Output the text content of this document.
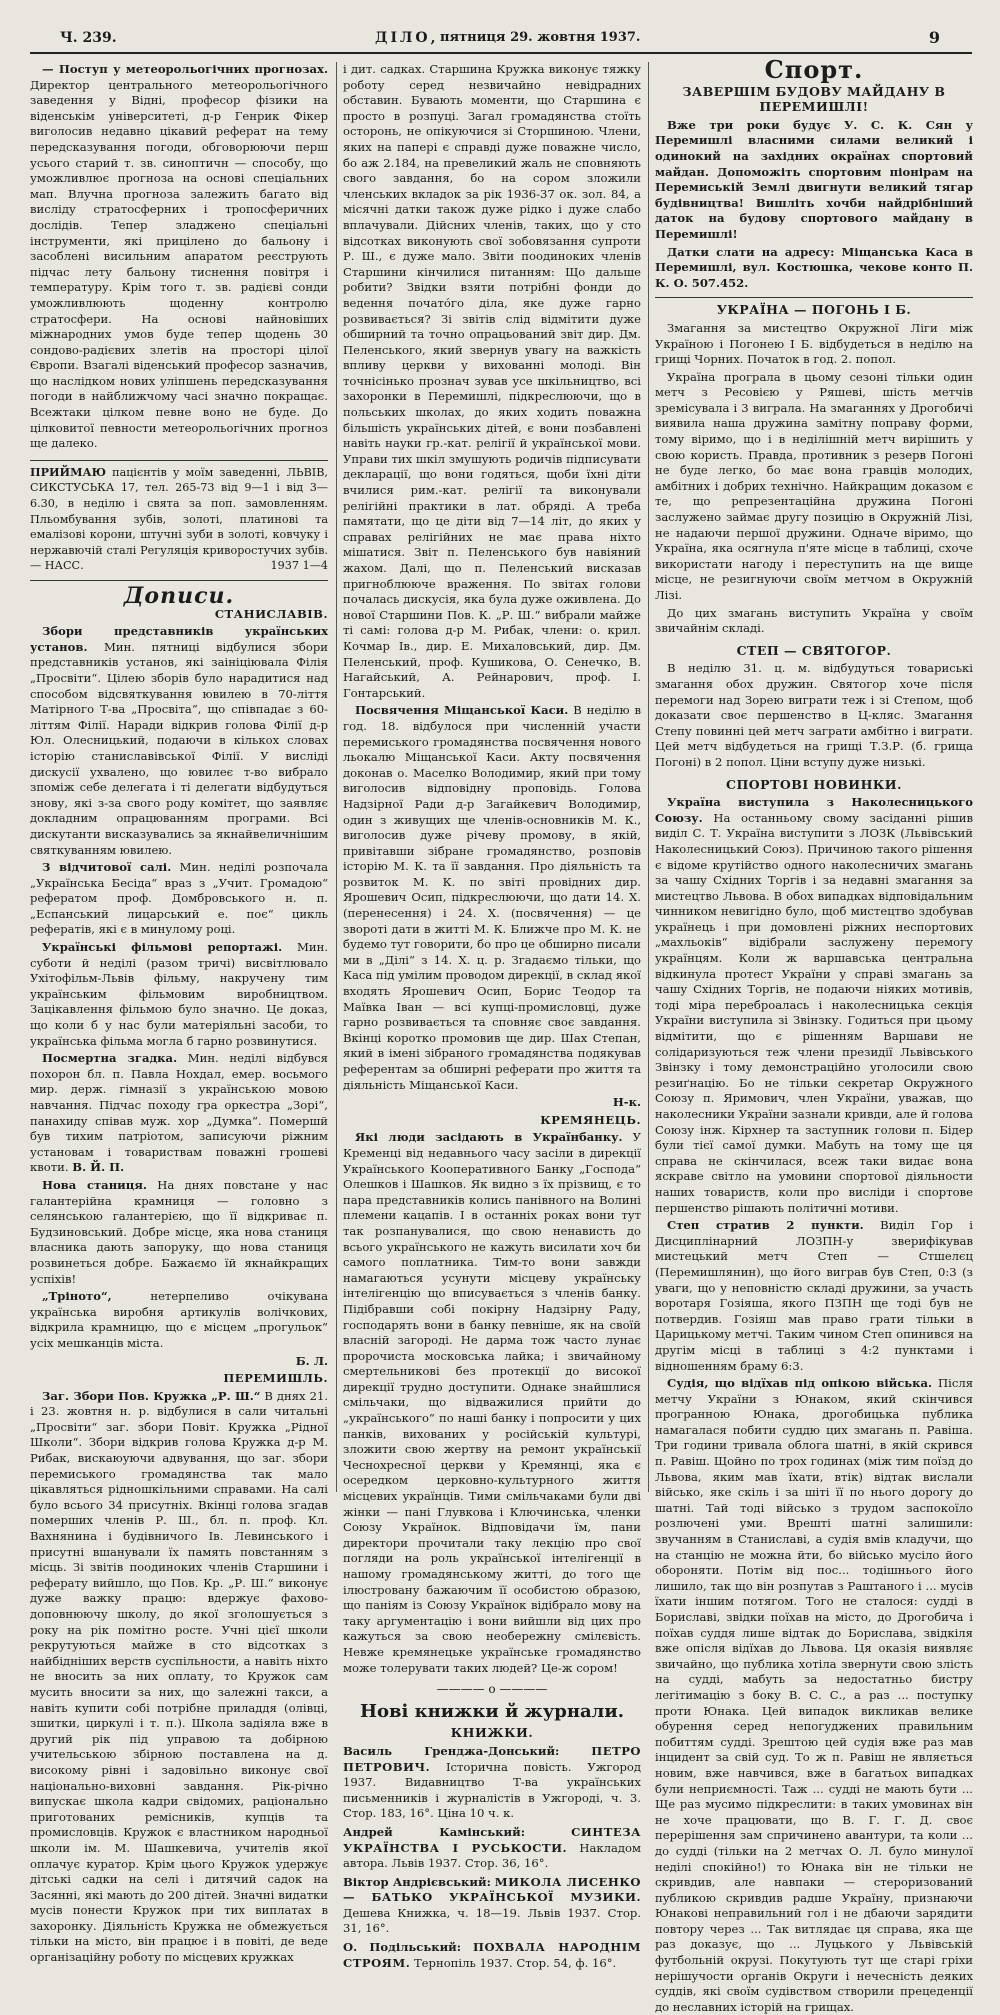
Ч. 239.	ДІЛО, пятниця 29. жовтня 1937.	9

— Поступ у метеорольогічних прогнозах. Директор центрального метеорольогічного заведення у Відні, професор фізики на віденськім університеті, д-р Генрик Фікер виголосив недавно цікавий реферат на тему передсказування погоди, обговорюючи перш усього старий т. зв. синоптичн — способу, що уможливлює прогноза на основі спеціальних мап. Влучна прогноза залежить багато від висліду стратосферних і тропосферичних дослідів. Тепер зладжено спеціальні інструменти, які прицілено до бальону і засоблені висильним апаратом реєструють підчас лету бальону тиснення повітря і температуру. Крім того т. зв. радієві сонди уможливлюють щоденну контролю стратосфери. На основі найновіших міжнародних умов буде тепер щодень 30 сондово-радієвих злетів на просторі цілої Європи. Взагалі віденський професор зазначив, що наслідком нових уліпшень передсказування погоди в найближчому часі значно покращає. Всежтаки цілком певне воно не буде. До цілковитої певности метеорольогічних прогноз ще далеко.

ПРИЙМАЮ пацієнтів у моїм заведенні, ЛЬВІВ, СИКСТУСЬКА 17, тел. 265-73 від 9—1 і від 3—6.30, в неділю і свята за поп. замовленням. Пльомбування зубів, золоті, платинові та емалізові корони, штучні зуби в золоті, ковчуку і нержавючій сталі Регуляція криворостучих зубів. — НАСС.	1937 1—4

Дописи.
СТАНИСЛАВІВ.

Збори представників українських установ. Мин. пятниці відбулися збори представників установ, які заініціювала Філія „Просвіти“. Цілею зборів було нарадитися над способом відсвяткування ювилею в 70-ліття Матірного Т-ва „Просвіта“, що співпадає з 60-літтям Філії. Наради відкрив голова Філії д-р Юл. Олесницький, подаючи в кількох словах історію станиславівської Філії. У висліді дискусії ухвалено, що ювилеє т-во вибрало зпоміж себе делегата і ті делегати відбудуться знову, які з-за свого роду комітет, що заявляє докладним опрацюванням програми. Всі дискутанти висказувались за якнайвеличнішим святкуванням ювилею.

З відчитової салі. Мин. неділі розпочала „Українська Бесіда“ враз з „Учит. Громадою“ рефератом проф. Домбровського н. п. „Еспанський лицарський е. поє“ цикль рефератів, які є в минулому році.

Українські фільмові репортажі. Мин. суботи й неділі (разом тричі) висвітлювало Ухітофільм-Львів фільму, накручену тим українським фільмовим виробництвом. Зацікавлення фільмою було значно. Це доказ, що коли б у нас були матеріяльні засоби, то українська фільма могла б гарно розвинутися.

Посмертна згадка. Мин. неділі відбувся похорон бл. п. Павла Нохдал, емер. восьмого мир. держ. гімназії з українською мовою навчання. Підчас походу гра оркестра „Зорі“, панахиду співав муж. хор „Думка“. Помершй був тихим патріотом, записуючи ріжним установам і товариствам поважні грошеві квоти. В. Й. П.

Нова станиця. На днях повстане у нас галантерійна крамниця — головно з селянською галантерією, що її відкриває п. Будзиновський. Добре місце, яка нова станиця власника дають запоруку, що нова станиця розвинеться добре. Бажаємо їй якнайкращих успіхів!

„Тріното“,	нетерпеливо очікувана українська виробня артикулів волічкових, відкрила крамницю, що є місцем „прогульок“ усіх мешканців міста.

Б. Л.

ПЕРЕМИШЛЬ.

Заг. Збори Пов. Кружка „Р. Ш.“ В днях 21. і 23. жовтня н. р. відбулися в сали читальні „Просвіти“ заг. збори Повіт. Кружка „Рідної Школи“. Збори відкрив голова Кружка д-р М. Рибак, вискаюуючи адвування, що заг. збори перемиського громадянства так мало цікавляться рідношкільними справами. На салі було всього 34 присутніх. Вкінці голова згадав померших членів Р. Ш., бл. п. проф. Кл. Вахнянина і будівничого Ів. Левинського і присутні вшанували їх память повстанням з місць. Зі звітів поодиноких членів Старшини і реферату вийшло, що Пов. Кр. „Р. Ш.“ виконує дуже важку працю: вдержує фахово-доповнюючу школу, до якої зголошується з року на рік помітно росте. Учні цієї школи рекрутуються майже в сто відсотках з найбідніших верств суспільности, а навіть ніхто не вносить за них оплату, то Кружок сам мусить вносити за них, що залежні такси, а навіть купити собі потрібне приладдя (олівці, зшитки, циркулі і т. п.). Школа задіяла вже в другий рік під управою та добірною учительською збірною поставлена на д. високому рівні і задовільно виконує свої національно-виховні завдання. Рік-річно випускає школа кадри свідомих, раціонально приготованих ремісників, купців та промисловців. Кружок є властником народньої школи ім. М. Шашкевича, учителів якої оплачує куратор. Крім цього Кружок удержує дітські садки на селі і дитячий садок на Засянні, які мають до 200 дітей. Значні видатки мусів понести Кружок при тих виплатах в захоронку. Діяльність Кружка не обмежується тільки на місто, він працює і в повіті, де веде організаційну роботу по місцевих кружках

і дит. садках. Старшина Кружка виконує тяжку роботу серед незвичайно невідрадних обставин. Бувають моменти, що Старшина є просто в розпуці. Загал громадянства стоїть осторонь, не опікуючися зі Сторшиною. Члени, яких на папері є справді дуже поважне число, бо аж 2.184, на превеликий жаль не сповняють свого завдання, бо на сором зложили членських вкладок за рік 1936-37 ок. зол. 84, а місячні датки також дуже рідко і дуже слабо вплачували. Дійсних членів, таких, що у сто відсотках виконують свої зобовязання супроти Р. Ш., є дуже мало. Звіти поодиноких членів Старшини кінчилися питанням: Що дальше робити? Звідки взяти потрібні фонди до ведення почато́го діла, яке дуже гарно розвивається? Зі звітів слід відмітити дуже обширний та точно опрацьований звіт дир. Дм. Пеленського, який звернув увагу на важкість впливу церкви у вихованні молоді. Він точнісінько прознач зував усе шкільництво, всі захоронки в Перемишлі, підкреслюючи, що в польських школах, до яких ходить поважна більшість українських дітей, є вони позбавлені навіть науки гр.-кат. релігії й української мови. Управи тих шкіл змушують родичів підписувати декларації, що вони годяться, щоби їхні діти вчилися рим.-кат. релігії та виконували релігійні практики в лат. обряді. А треба памятати, що це діти від 7—14 літ, до яких у справах релігійних не має права ніхто мішатися. Звіт п. Пеленського був навіяний жахом. Далі, що п. Пеленський висказав пригноблююче враження. По звітах голови почалась дискусія, яка була дуже оживлена. До нової Старшини Пов. К. „Р. Ш.“ вибрали майже ті самі: голова д-р М. Рибак, члени: о. крил. Кочмар Ів., дир. Е. Михаловський, дир. Дм. Пеленський, проф. Кушикова, О. Сенечко, В. Нагайський, А. Рейнарович, проф. І. Гонтарський.

Посвячення Міщанської Каси. В неділю в год. 18. відбулося при численній участи перемиського громадянства посвячення нового льокалю Міщанської Каси. Акту посвячення доконав о. Маселко Володимир, який при тому виголосив відповідну проповідь. Голова Надзірної Ради д-р Загайкевич Володимир, один з живущих ще членів-основників М. К., виголосив дуже річеву промову, в якій, привітавши зібране громадянство, розповів історію М. К. та її завдання. Про діяльність та розвиток М. К. по звіті провідних дир. Ярошевич Осип, підкреслюючи, що дати 14. Х. (перенесення) і 24. Х. (посвячення) — це звороті дати в житті М. К. Ближче про М. К. не будемо тут говорити, бо про це обширно писали ми в „Ділі“ з 14. Х. ц. р. Згадаємо тільки, що Каса під умілим проводом дирекції, в склад якої входять Ярошевич Осип, Борис Теодор та Маївка Іван — всі купці-промисловці, дуже гарно розвивається та сповняє своє завдання. Вкінці коротко промовив ще дир. Шах Степан, який в імені зібраного громадянства подякував референтам за обширні реферати про життя та діяльність Міщанської Каси.

Н-к.

КРЕМЯНЕЦЬ.

Які люди засідають в Українбанку. У Кременці від недавнього часу засіли в дирекції Українського Кооперативного Банку „Господа“ Олешков і Шашков. Як видно з їх прізвищ, є то пара представників колись панівного на Волині племени кацапів. І в останніх роках вони тут так розпанувалися, що свою ненависть до всього українського не кажуть висилати хоч би самого поплатника. Тим-то вони завжди намагаються усунути місцеву українську інтелігенцію що вписувається з членів банку. Підібравши собі покірну Надзірну Раду, господарять вони в банку певніше, як на своїй власній загороді. Не дарма тож часто лунає пророчиста московська лайка; і звичайному смертельникові без протекції до високої дирекції трудно доступити. Однаке знайшлися смільчаки, що відважилися прийти до „українського“ по наші банку і попросити у цих панків, вихованих у російській культурі, зложити свою жертву на ремонт українськії Чеснохресної церкви у Кремянці, яка є осередком церковно-культурного життя місцевих українців. Тими смільчаками були дві жінки — пані Глувкова і Ключинська, членки Союзу Українок. Відповідачи їм, пани директори прочитали таку лекцію про свої погляди на роль української інтелігенції в нашому громадянському житті, до того ще ілюстровану бажаючим її особистою образою, що паніям із Союзу Українок відібрало мову на таку аргументацію і вони вийшли від цих про кажуться за свою необережну смілєвість. Невже кремянецьке українське громадянство може толерувати таких людей? Це-ж сором!

———— o ————
Нові книжки й журнали.
КНИЖКИ.

Василь Гренджа-Донський:	ПЕТРО ПЕТРОВИЧ. Історична повість. Ужгород 1937. Видавництво Т-ва українських письменників і журналістів в Ужгороді, ч. 3. Стор. 183, 16°. Ціна 10 ч. к.

Андрей Камінський:	СИНТЕЗА УКРАЇНСТВА І РУСЬКОСТИ. Накладом автора. Львів 1937. Стор. 36, 16°.

Віктор Андрієвський: МИКОЛА ЛИСЕНКО — БАТЬКО УКРАЇНСЬКОЇ МУЗИКИ. Дешева Книжка, ч. 18—19. Львів 1937. Стор. 31, 16°.

О. Подільський: ПОХВАЛА НАРОДНІМ СТРОЯМ. Тернопіль 1937. Стор. 54, ф. 16°.

Спорт.
ЗАВЕРШІМ БУДОВУ МАЙДАНУ В ПЕРЕМИШЛІ!

Вже три роки будує У. С. К. Сян у Перемишлі власними силами великий і одинокий на західних окраїнах спортовий майдан. Допоможіть спортовим піонірам на Перемиській Землі двигнути великий тягар будівництва! Вишліть хочби найдрібніший даток на будову спортового майдану в Перемишлі!

Датки слати на адресу: Міщанська Каса в Перемишлі, вул. Костюшка, чекове конто П. К. О. 507.452.

УКРАЇНА — ПОГОНЬ І Б.

Змагання за мистецтво Окружної Ліги між Україною і Погонею І Б. відбудеться в неділю на грищі Чорних. Початок в год. 2. попол.

Україна програла в цьому сезоні тільки один метч з Ресовією у Ряшеві, шість метчів зремісувала і 3 виграла. На змаганнях у Дрогобичі виявила наша дружина замітну поправу форми, тому віримо, що і в неділішній метч вирішить у свою користь. Правда, противник з резерв Погоні не буде легко, бо має вона гравців молодих, амбітних і добрих технічно. Найкращим доказом є те, що репрезентаційна дружина Погоні заслужено займає другу позицію в Окружній Лізі, не надаючи першої дружини. Одначе віримо, що Україна, яка осягнула п'яте місце в таблиці, схоче використати нагоду і переступить на ще вище місце, не резигнуючи своїм метчом в Окружній Лізі.

До цих змагань виступить Україна у своїм звичайнім складі.

СТЕП — СВЯТОГОР.

В неділю 31. ц. м. відбудуться товариські змагання обох дружин. Святогор хоче після перемоги над Зорею виграти теж і зі Степом, щоб доказати своє першенство в Ц-кляс. Змагання Степу повинні цей метч заграти амбітно і виграти. Цей метч відбудеться на грищі Т.З.Р. (б. грища Погоні) в 2 попол. Ціни вступу дуже низькі.

СПОРТОВІ НОВИНКИ.

Україна виступила з Наколесницького Союзу. На останньому свому засіданні рішив виділ С. Т. Україна виступити з ЛОЗК (Львівський Наколесницький Союз). Причиною такого рішення є відоме крутійство одного наколесничих змагань за чашу Східних Торгів і за недавні змагання за мистецтво Львова. В обох випадках відповідальним чинником невигідно було, щоб мистецтво здобував українець і при домовлені ріжних неспортових „махльоків“ відібрали заслужену перемогу українцям. Коли ж варшавська центральна відкинула протест України у справі змагань за чашу Східних Торгів, не подаючи ніяких мотивів, тоді міра переброалась і наколесницька секція України виступила зі Звінзку. Годиться при цьому відмітити, що є рішенням Варшави не солідаризуються теж члени президії Львівського Звінзку і тому демонстраційно уголосили свою резиґнацію. Бо не тільки секретар Окружного Союзу п. Яримович, член України, уважав, що наколесники України зазнали кривди, але й голова Союзу інж. Кірхнер та заступник голови п. Бідер були тієї самої думки. Мабуть на тому ще ця справа не скінчилася, всеж таки видає вона яскраве світло на умовини спортової діяльности наших товариств, коли про висліди і спортове першенство рішають політичні мотиви.

Степ стратив 2 пункти. Виділ Гор і Дисциплінарний ЛОЗПН-у зверифікував мистецький метч Степ — Стшелєц (Перемишлянин), що його виграв був Степ, 0:3 (з уваги, що у неповністю складі дружини, за участь воротаря Гозіяша, якого ПЗПН ще тоді був не потвердив. Гозіяш мав право грати тільки в Царицькому метчі. Таким чином Степ опинився на другім місці в таблиці з 4:2 пунктами і відношенням браму 6:3.

Судія, що відїхав під опікою війська. Після метчу України з Юнаком, який скінчився програнною Юнака, дрогобицька публика намагалася побити суддю цих змагань п. Равіша. Три години тривала облога шатні, в якій скрився п. Равіш. Щойно по трох годинах (між тим поїзд до Львова, яким мав їхати, втік) відтак вислали військо, яке скіль і за шіті її по нього дорогу до шатні. Тай тоді військо з трудом заспокоїло розлючені уми. Врешті шатні залишили: звучанням в Станиславі, а судія вмів кладучи, що на станцію не можна йти, бо військо мусіло його обороняти. Потім від пос... тодішнього його лишило, так що він розпутав з Раштаного і ... мусів їхати іншим потягом. Того не сталося: судді в Бориславі, звідки поїхав на місто, до Дрогобича і поїхав суддя лише відтак до Бориславa, звідкіля вже опісля відїхав до Львова. Ця оказія виявляє звичайно, що публика хотіла звернути свою злість на судді, мабуть за недостатньо бистру легітимацію з боку В. С. С., а раз ... поступку проти Юнака. Цей випадок викликав велике обурення серед непогуджених правильним побиттям судді. Зрештою цей судія вже раз мав інцидент за свій суд. То ж п. Равіш не являється новим, вже навчився, вже в багатьох випадках були неприємності. Таж ... судді не мають бути ... Ще раз мусимо підкреслити: в таких умовинах він не хоче працювати, що В. Г. Г. Д. своє перерішення зам спричинено авантури, та коли ... до судді (тільки на 2 метчах О. Л. було минулої неділі спокійно!) то Юнака він не тільки не скривдив, але навпаки — стероризований публикою скривдив радше Україну, признаючи Юнакові неправильний гол і не дбаючи зарядити повтору через ... Так витлядає ця справа, яка ще раз доказує, що ... Луцького у Львівській футбольній окрузі. Покутують тут ще старі гріхи нерішучости органів Округи і нечесність деяких суддів, які своїм судівством створили прецеденції до неславних історій на грищах.
